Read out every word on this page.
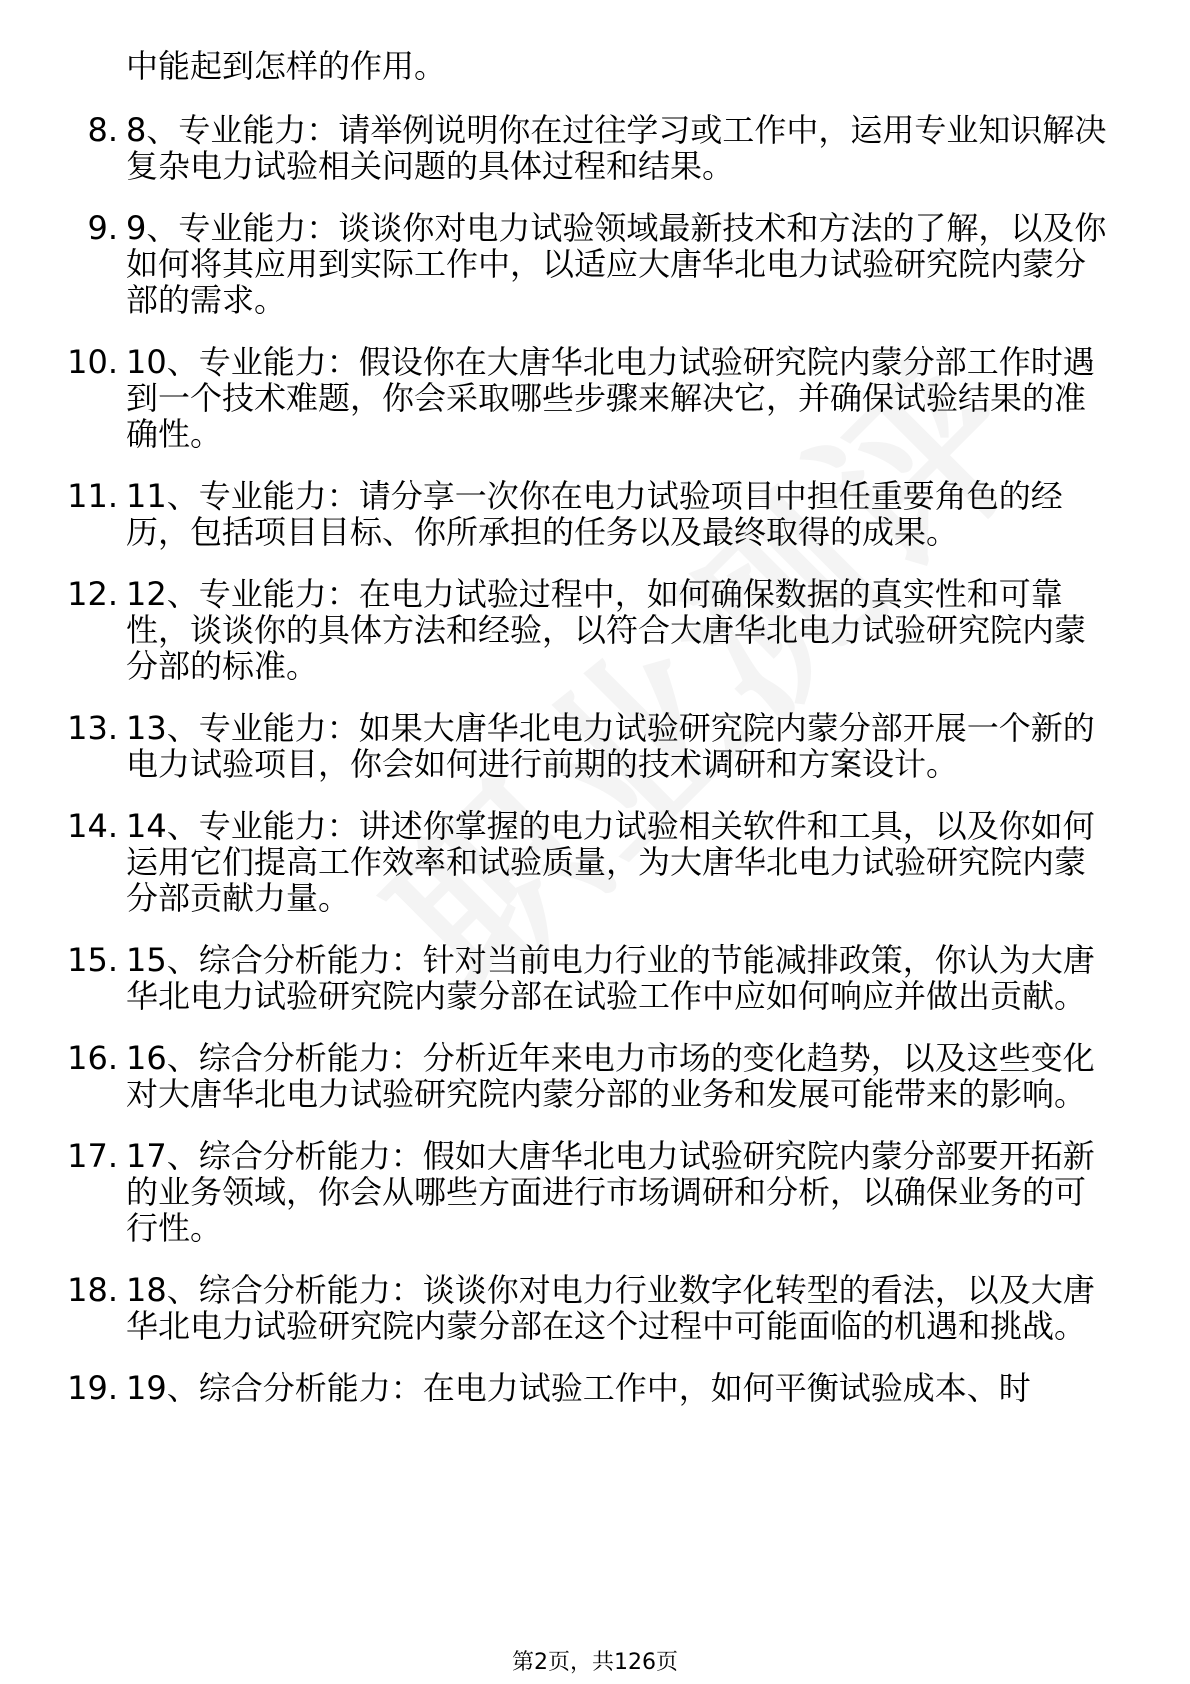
中能起到怎样的作用。
8. 8、专业能力：请举例说明你在过往学习或工作中，运用专业知识解决复杂电力试验相关问题的具体过程和结果。
9. 9、专业能力：谈谈你对电力试验领域最新技术和方法的了解，以及你如何将其应用到实际工作中，以适应大唐华北电力试验研究院内蒙分部的需求。
10. 10、专业能力：假设你在大唐华北电力试验研究院内蒙分部工作时遇到一个技术难题，你会采取哪些步骤来解决它，并确保试验结果的准确性。
11. 11、专业能力：请分享一次你在电力试验项目中担任重要角色的经历，包括项目目标、你所承担的任务以及最终取得的成果。
12. 12、专业能力：在电力试验过程中，如何确保数据的真实性和可靠性，谈谈你的具体方法和经验，以符合大唐华北电力试验研究院内蒙分部的标准。
13. 13、专业能力：如果大唐华北电力试验研究院内蒙分部开展一个新的电力试验项目，你会如何进行前期的技术调研和方案设计。
14. 14、专业能力：讲述你掌握的电力试验相关软件和工具，以及你如何运用它们提高工作效率和试验质量，为大唐华北电力试验研究院内蒙分部贡献力量。
15. 15、综合分析能力：针对当前电力行业的节能减排政策，你认为大唐华北电力试验研究院内蒙分部在试验工作中应如何响应并做出贡献。
16. 16、综合分析能力：分析近年来电力市场的变化趋势，以及这些变化对大唐华北电力试验研究院内蒙分部的业务和发展可能带来的影响。
17. 17、综合分析能力：假如大唐华北电力试验研究院内蒙分部要开拓新的业务领域，你会从哪些方面进行市场调研和分析，以确保业务的可行性。
18. 18、综合分析能力：谈谈你对电力行业数字化转型的看法，以及大唐华北电力试验研究院内蒙分部在这个过程中可能面临的机遇和挑战。
19. 19、综合分析能力：在电力试验工作中，如何平衡试验成本、时
第2页，共126页
